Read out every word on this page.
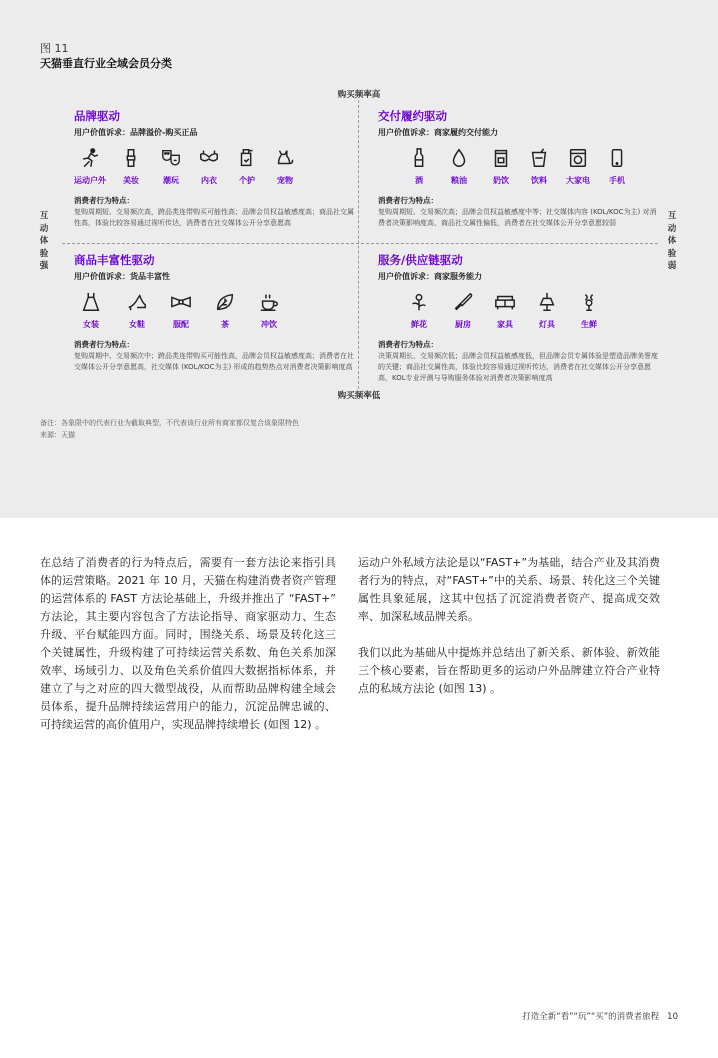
图 11
天猫垂直行业全域会员分类
购买频率高
购买频率低
互动体验强
互动体验弱
品牌驱动
用户价值诉求：品牌溢价-购买正品
运动户外 美妆	潮玩	内衣	个护	宠物
消费者行为特点：
复购周期短、交易频次高，跨品类连带购买可能性高；品牌会员权益敏感度高；商品社交属性高，体验比较容易通过视听传达，消费者在社交媒体公开分享意愿高
交付履约驱动
用户价值诉求：商家履约交付能力
酒	粮油	奶饮	饮料 大家电 手机
消费者行为特点：
复购周期短、交易频次高；品牌会员权益敏感度中等；社交媒体内容 (KOL/KOC为主) 对消费者决策影响度高，商品社交属性偏低，消费者在社交媒体公开分享意愿较弱
商品丰富性驱动
用户价值诉求：货品丰富性
女装	女鞋	服配	茶	冲饮
消费者行为特点：
复购周期中、交易频次中；跨品类连带购买可能性高，品牌会员权益敏感度高；消费者在社交媒体公开分享意愿高，社交媒体 (KOL/KOC为主) 形成的趋势热点对消费者决策影响度高
服务/供应链驱动
用户价值诉求：商家服务能力
鲜花	厨房	家具	灯具	生鲜
消费者行为特点：
决策周期长、交易频次低；品牌会员权益敏感度低，但品牌会员专属体验是塑造品牌美誉度的关键；商品社交属性高，体验比较容易通过视听传达，消费者在社交媒体公开分享意愿高，KOL专业评测与导购服务体验对消费者决策影响度高
备注：各象限中的代表行业为截取典型，不代表该行业所有商家都仅复合该象限特色
来源：天猫

在总结了消费者的行为特点后，需要有一套方法论来指引具体的运营策略。2021 年 10 月，天猫在构建消费者资产管理的运营体系的 FAST 方法论基础上，升级并推出了 “FAST+” 方法论，其主要内容包含了方法论指导、商家驱动力、生态升级、平台赋能四方面。同时，围绕关系、场景及转化这三个关键属性，升级构建了可持续运营关系数、角色关系加深效率、场域引力、以及角色关系价值四大数据指标体系，并建立了与之对应的四大微型战役，从而帮助品牌构建全域会员体系，提升品牌持续运营用户的能力，沉淀品牌忠诚的、可持续运营的高价值用户，实现品牌持续增长 (如图 12) 。

运动户外私域方法论是以“FAST+”为基础，结合产业及其消费者行为的特点，对“FAST+”中的关系、场景、转化这三个关键属性具象延展，这其中包括了沉淀消费者资产、提高成交效率、加深私域品牌关系。

我们以此为基础从中提炼并总结出了新关系、新体验、新效能三个核心要素，旨在帮助更多的运动户外品牌建立符合产业特点的私域方法论 (如图 13) 。

打造全新“看”“玩”“买”的消费者旅程 10
